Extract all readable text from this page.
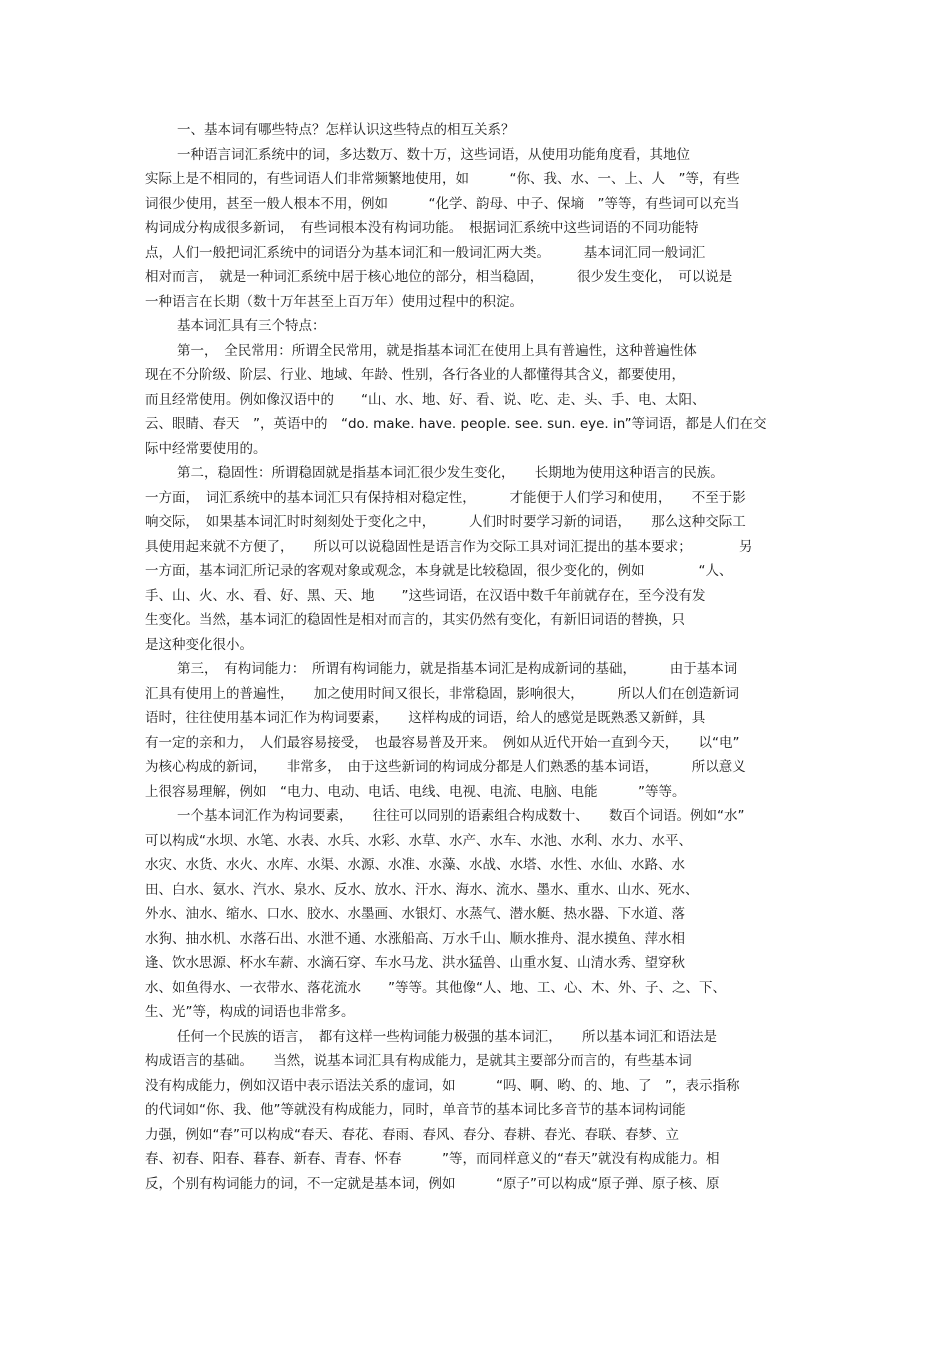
一、基本词有哪些特点？怎样认识这些特点的相互关系？
一种语言词汇系统中的词，多达数万、数十万，这些词语，从使用功能角度看，其地位
实际上是不相同的，有些词语人们非常频繁地使用，如　　　“你、我、水、一、上、人　”等，有些
词很少使用，甚至一般人根本不用，例如　　　“化学、韵母、中子、保墒　”等等，有些词可以充当
构词成分构成很多新词，　有些词根本没有构词功能。　根据词汇系统中这些词语的不同功能特
点，人们一般把词汇系统中的词语分为基本词汇和一般词汇两大类。　　　基本词汇同一般词汇
相对而言，　就是一种词汇系统中居于核心地位的部分，相当稳固，　　　很少发生变化，　可以说是
一种语言在长期（数十万年甚至上百万年）使用过程中的积淀。
基本词汇具有三个特点：
第一，　全民常用：所谓全民常用，就是指基本词汇在使用上具有普遍性，这种普遍性体
现在不分阶级、阶层、行业、地域、年龄、性别，各行各业的人都懂得其含义，都要使用，
而且经常使用。例如像汉语中的　　“山、水、地、好、看、说、吃、走、头、手、电、太阳、
云、眼睛、春天　”，英语中的　“do. make. have. people. see. sun. eye. in”等词语，都是人们在交
际中经常要使用的。
第二，稳固性：所谓稳固就是指基本词汇很少发生变化，　　长期地为使用这种语言的民族。
一方面，　词汇系统中的基本词汇只有保持相对稳定性，　　　才能便于人们学习和使用，　　不至于影
响交际，　如果基本词汇时时刻刻处于变化之中，　　　人们时时要学习新的词语，　　那么这种交际工
具使用起来就不方便了，　　所以可以说稳固性是语言作为交际工具对词汇提出的基本要求；　　　　另
一方面，基本词汇所记录的客观对象或观念，本身就是比较稳固，很少变化的，例如　　　　“人、
手、山、火、水、看、好、黑、天、地　　”这些词语，在汉语中数千年前就存在，至今没有发
生变化。当然，基本词汇的稳固性是相对而言的，其实仍然有变化，有新旧词语的替换，只
是这种变化很小。
第三，　有构词能力：　所谓有构词能力，就是指基本词汇是构成新词的基础，　　　由于基本词
汇具有使用上的普遍性，　　加之使用时间又很长，非常稳固，影响很大，　　　所以人们在创造新词
语时，往往使用基本词汇作为构词要素，　　这样构成的词语，给人的感觉是既熟悉又新鲜，具
有一定的亲和力，　人们最容易接受，　也最容易普及开来。　例如从近代开始一直到今天，　　以“电”
为核心构成的新词，　　非常多，　由于这些新词的构词成分都是人们熟悉的基本词语，　　　所以意义
上很容易理解，例如　“电力、电动、电话、电线、电视、电流、电脑、电能　　　”等等。
一个基本词汇作为构词要素，　　往往可以同别的语素组合构成数十、　　数百个词语。例如“水”
可以构成“水坝、水笔、水表、水兵、水彩、水草、水产、水车、水池、水利、水力、水平、
水灾、水货、水火、水库、水渠、水源、水准、水藻、水战、水塔、水性、水仙、水路、水
田、白水、氨水、汽水、泉水、反水、放水、汗水、海水、流水、墨水、重水、山水、死水、
外水、油水、缩水、口水、胶水、水墨画、水银灯、水蒸气、潜水艇、热水器、下水道、落
水狗、抽水机、水落石出、水泄不通、水涨船高、万水千山、顺水推舟、混水摸鱼、萍水相
逢、饮水思源、杯水车薪、水滴石穿、车水马龙、洪水猛兽、山重水复、山清水秀、望穿秋
水、如鱼得水、一衣带水、落花流水　　”等等。其他像“人、地、工、心、木、外、子、之、下、
生、光”等，构成的词语也非常多。
任何一个民族的语言，　都有这样一些构词能力极强的基本词汇，　　所以基本词汇和语法是
构成语言的基础。　　当然，说基本词汇具有构成能力，是就其主要部分而言的，有些基本词
没有构成能力，例如汉语中表示语法关系的虚词，如　　　“吗、啊、哟、的、地、了　”，表示指称
的代词如“你、我、他”等就没有构成能力，同时，单音节的基本词比多音节的基本词构词能
力强，例如“春”可以构成“春天、春花、春雨、春风、春分、春耕、春光、春联、春梦、立
春、初春、阳春、暮春、新春、青春、怀春　　　”等，而同样意义的“春天”就没有构成能力。相
反，个别有构词能力的词，不一定就是基本词，例如　　　“原子”可以构成“原子弹、原子核、原
